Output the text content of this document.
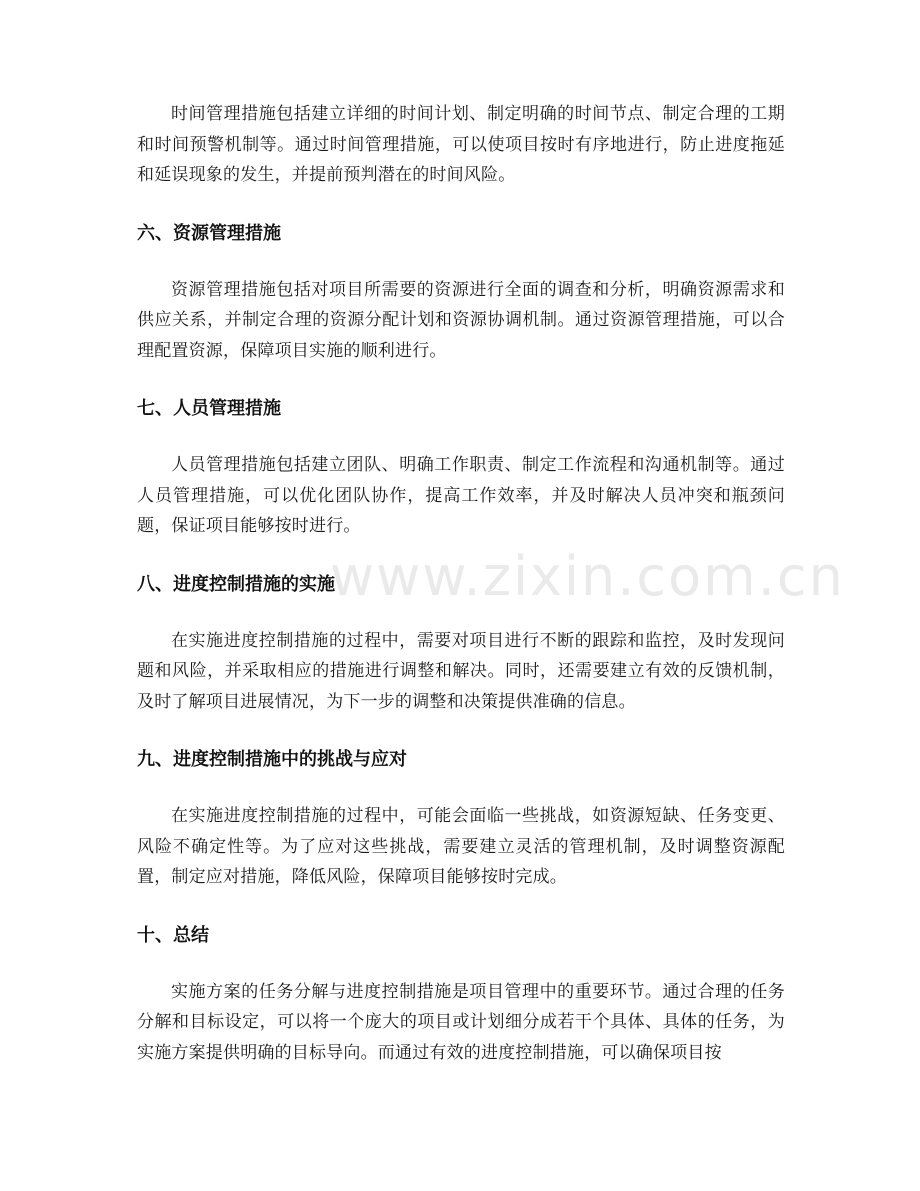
时间管理措施包括建立详细的时间计划、制定明确的时间节点、制定合理的工期和时间预警机制等。通过时间管理措施，可以使项目按时有序地进行，防止进度拖延和延误现象的发生，并提前预判潜在的时间风险。

六、资源管理措施

资源管理措施包括对项目所需要的资源进行全面的调查和分析，明确资源需求和供应关系，并制定合理的资源分配计划和资源协调机制。通过资源管理措施，可以合理配置资源，保障项目实施的顺利进行。

七、人员管理措施

人员管理措施包括建立团队、明确工作职责、制定工作流程和沟通机制等。通过人员管理措施，可以优化团队协作，提高工作效率，并及时解决人员冲突和瓶颈问题，保证项目能够按时进行。

八、进度控制措施的实施

在实施进度控制措施的过程中，需要对项目进行不断的跟踪和监控，及时发现问题和风险，并采取相应的措施进行调整和解决。同时，还需要建立有效的反馈机制，及时了解项目进展情况，为下一步的调整和决策提供准确的信息。

九、进度控制措施中的挑战与应对

在实施进度控制措施的过程中，可能会面临一些挑战，如资源短缺、任务变更、风险不确定性等。为了应对这些挑战，需要建立灵活的管理机制，及时调整资源配置，制定应对措施，降低风险，保障项目能够按时完成。

十、总结

实施方案的任务分解与进度控制措施是项目管理中的重要环节。通过合理的任务分解和目标设定，可以将一个庞大的项目或计划细分成若干个具体、具体的任务，为实施方案提供明确的目标导向。而通过有效的进度控制措施，可以确保项目按

www.zixin.com.cn
